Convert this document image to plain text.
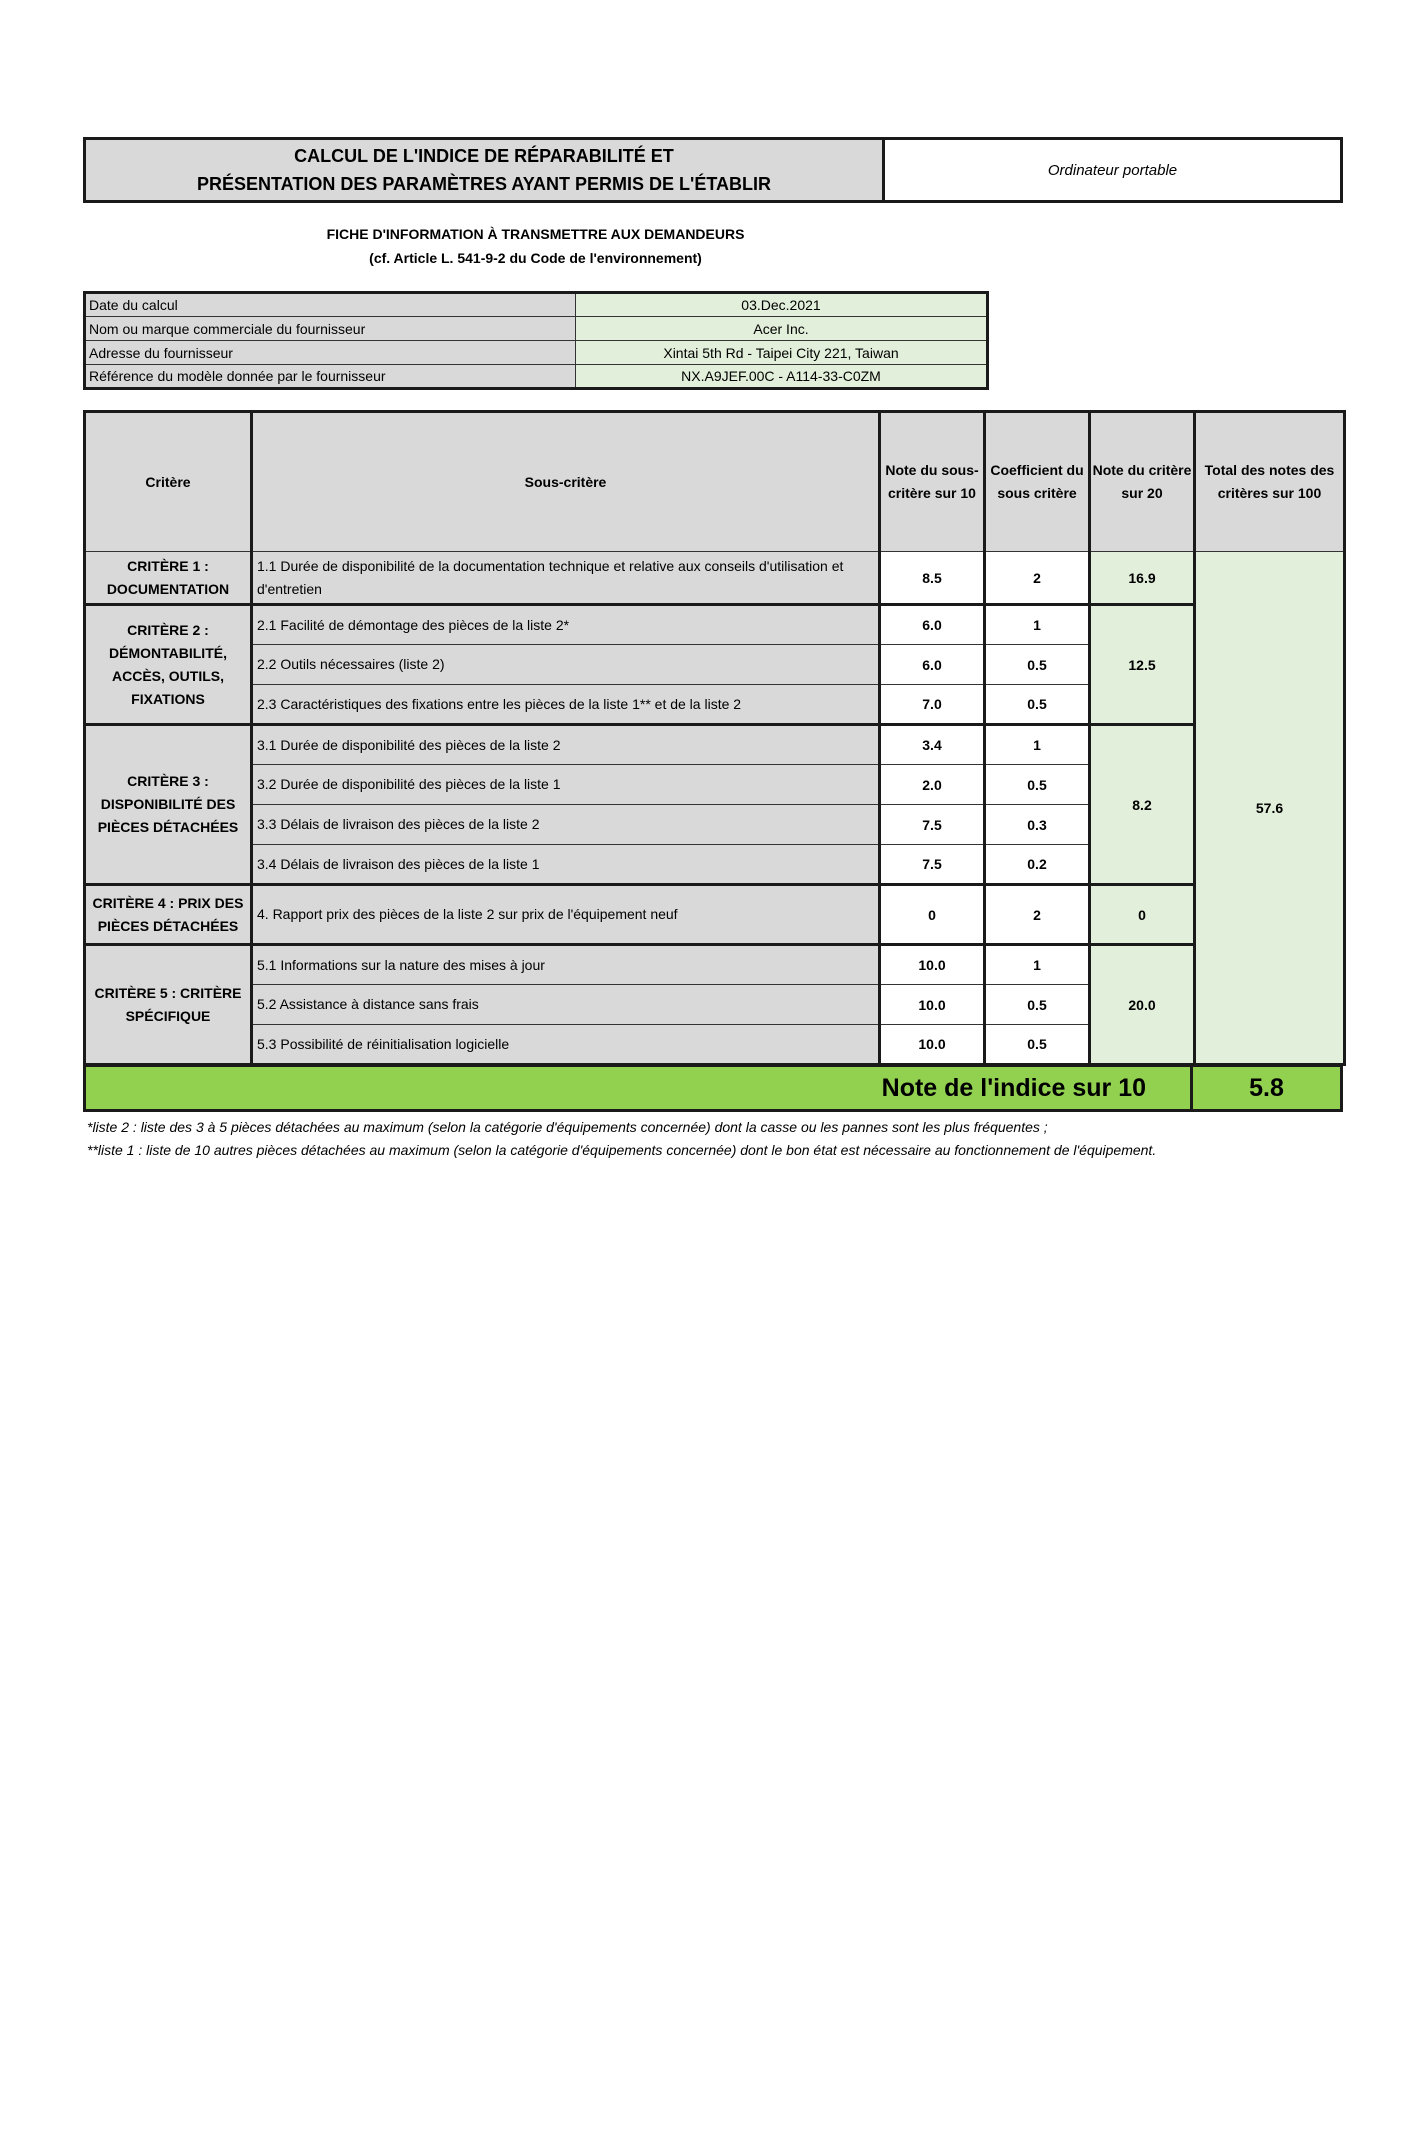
CALCUL DE L'INDICE DE RÉPARABILITÉ ET
PRÉSENTATION DES PARAMÈTRES AYANT PERMIS DE L'ÉTABLIR
Ordinateur portable
FICHE D'INFORMATION À TRANSMETTRE AUX DEMANDEURS
(cf. Article L. 541-9-2 du Code de l'environnement)
Date du calcul	03.Dec.2021
Nom ou marque commerciale du fournisseur	Acer Inc.
Adresse du fournisseur	Xintai 5th Rd - Taipei City 221, Taiwan
Référence du modèle donnée par le fournisseur	NX.A9JEF.00C - A114-33-C0ZM
Critère	Sous-critère	Note du sous-critère sur 10	Coefficient du sous critère	Note du critère sur 20	Total des notes des critères sur 100
CRITÈRE 1 : DOCUMENTATION	1.1 Durée de disponibilité de la documentation technique et relative aux conseils d'utilisation et d'entretien	8.5	2	16.9	57.6
CRITÈRE 2 : DÉMONTABILITÉ, ACCÈS, OUTILS, FIXATIONS	2.1 Facilité de démontage des pièces de la liste 2*	6.0	1	12.5	
	2.2 Outils nécessaires (liste 2)	6.0	0.5		
	2.3 Caractéristiques des fixations entre les pièces de la liste 1** et de la liste 2	7.0	0.5		
CRITÈRE 3 : DISPONIBILITÉ DES PIÈCES DÉTACHÉES	3.1 Durée de disponibilité des pièces de la liste 2	3.4	1	8.2	
	3.2 Durée de disponibilité des pièces de la liste 1	2.0	0.5		
	3.3 Délais de livraison des pièces de la liste 2	7.5	0.3		
	3.4 Délais de livraison des pièces de la liste 1	7.5	0.2		
CRITÈRE 4 : PRIX DES PIÈCES DÉTACHÉES	4. Rapport prix des pièces de la liste 2 sur prix de l'équipement neuf	0	2	0	
CRITÈRE 5 : CRITÈRE SPÉCIFIQUE	5.1 Informations sur la nature des mises à jour	10.0	1	20.0	
	5.2 Assistance à distance sans frais	10.0	0.5		
	5.3 Possibilité de réinitialisation logicielle	10.0	0.5		
Note de l'indice sur 10	5.8
*liste 2 : liste des 3 à 5 pièces détachées au maximum (selon la catégorie d'équipements concernée) dont la casse ou les pannes sont les plus fréquentes ;
**liste 1 : liste de 10 autres pièces détachées au maximum (selon la catégorie d'équipements concernée) dont le bon état est nécessaire au fonctionnement de l'équipement.
